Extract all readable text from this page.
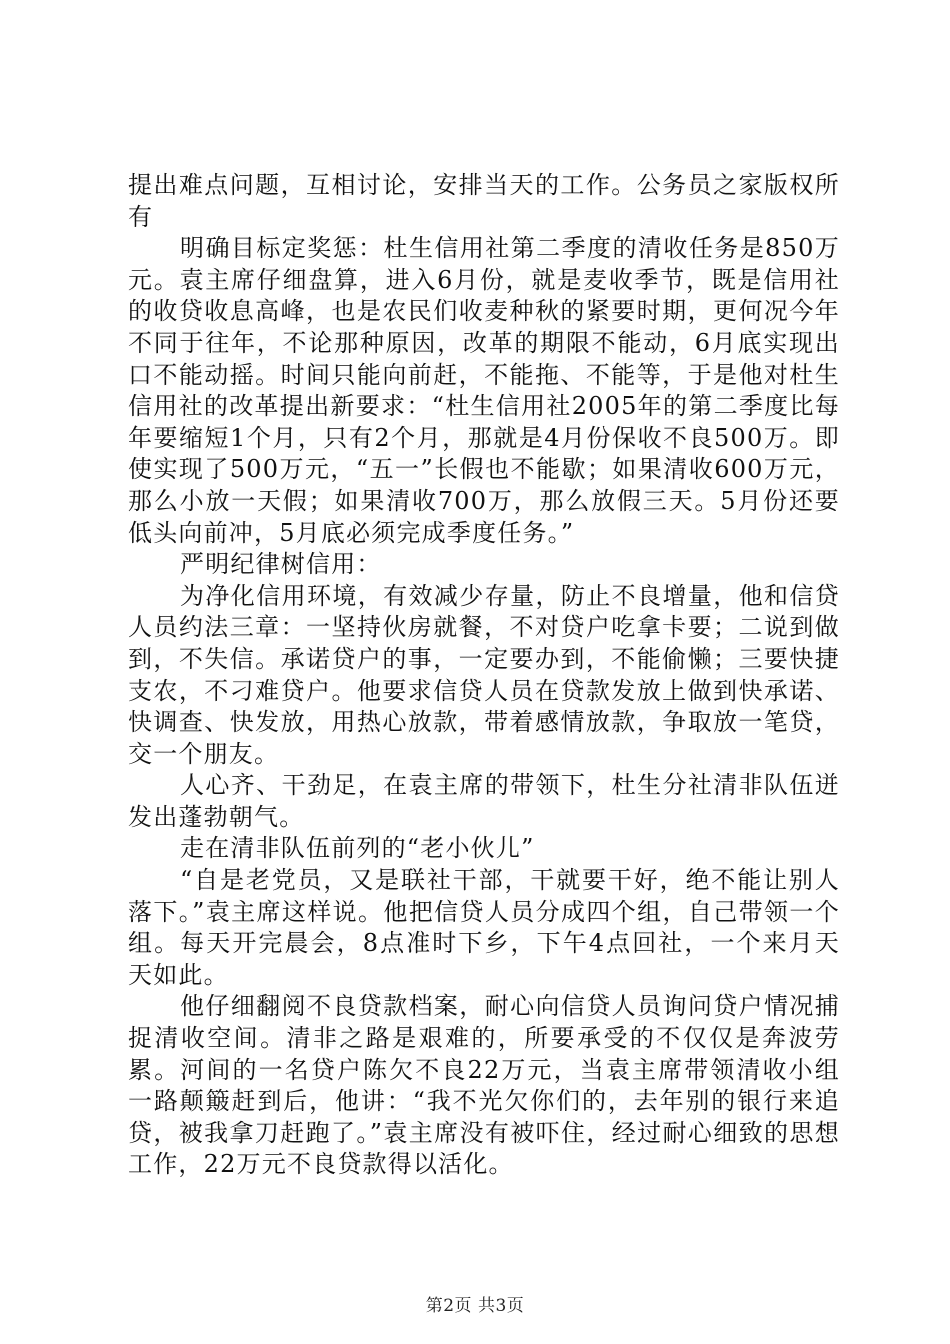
提出难点问题，互相讨论，安排当天的工作。公务员之家版权所有

明确目标定奖惩：杜生信用社第二季度的清收任务是850万元。袁主席仔细盘算，进入6月份，就是麦收季节，既是信用社的收贷收息高峰，也是农民们收麦种秋的紧要时期，更何况今年不同于往年，不论那种原因，改革的期限不能动，6月底实现出口不能动摇。时间只能向前赶，不能拖、不能等，于是他对杜生信用社的改革提出新要求：“杜生信用社2005年的第二季度比每年要缩短1个月，只有2个月，那就是4月份保收不良500万。即使实现了500万元，“五一”长假也不能歇；如果清收600万元，那么小放一天假；如果清收700万，那么放假三天。5月份还要低头向前冲，5月底必须完成季度任务。”

严明纪律树信用：

为净化信用环境，有效减少存量，防止不良增量，他和信贷人员约法三章：一坚持伙房就餐，不对贷户吃拿卡要；二说到做到，不失信。承诺贷户的事，一定要办到，不能偷懒；三要快捷支农，不刁难贷户。他要求信贷人员在贷款发放上做到快承诺、快调查、快发放，用热心放款，带着感情放款，争取放一笔贷，交一个朋友。

人心齐、干劲足，在袁主席的带领下，杜生分社清非队伍迸发出蓬勃朝气。

走在清非队伍前列的“老小伙儿”

“自是老党员，又是联社干部，干就要干好，绝不能让别人落下。”袁主席这样说。他把信贷人员分成四个组，自己带领一个组。每天开完晨会，8点准时下乡，下午4点回社，一个来月天天如此。

他仔细翻阅不良贷款档案，耐心向信贷人员询问贷户情况捕捉清收空间。清非之路是艰难的，所要承受的不仅仅是奔波劳累。河间的一名贷户陈欠不良22万元，当袁主席带领清收小组一路颠簸赶到后，他讲：“我不光欠你们的，去年别的银行来追贷，被我拿刀赶跑了。”袁主席没有被吓住，经过耐心细致的思想工作，22万元不良贷款得以活化。

第2页 共3页
